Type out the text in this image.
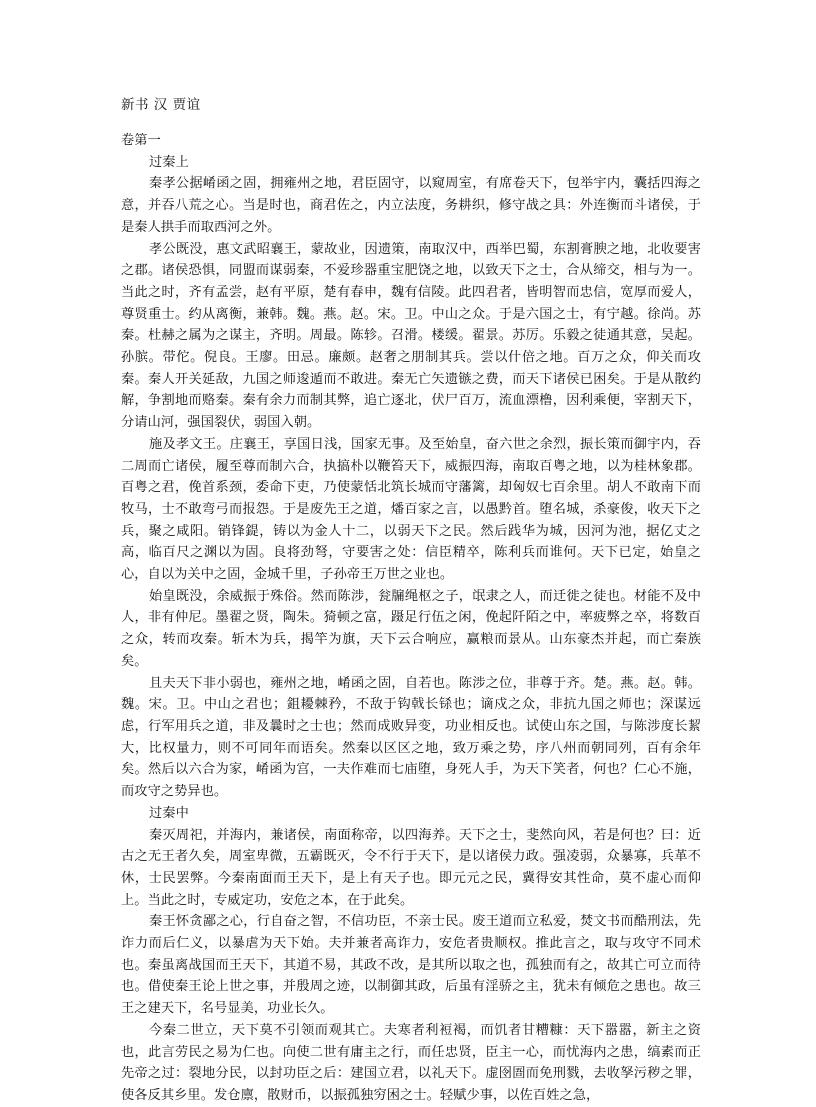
新书 汉 贾谊

卷第一

过秦上

秦孝公据崤函之固，拥雍州之地，君臣固守，以窥周室，有席卷天下，包举宇内，囊括四海之意，并吞八荒之心。当是时也，商君佐之，内立法度，务耕织，修守战之具：外连衡而斗诸侯，于是秦人拱手而取西河之外。

孝公既没，惠文武昭襄王，蒙故业，因遗策，南取汉中，西举巴蜀，东割膏腴之地，北收要害之郡。诸侯恐惧，同盟而谋弱秦，不爱珍器重宝肥饶之地，以致天下之士，合从缔交，相与为一。当此之时，齐有孟尝，赵有平原，楚有春申，魏有信陵。此四君者，皆明智而忠信，宽厚而爱人，尊贤重士。约从离衡，兼韩。魏。燕。赵。宋。卫。中山之众。于是六国之士，有宁越。徐尚。苏秦。杜赫之属为之谋主，齐明。周最。陈轸。召滑。楼缓。翟景。苏厉。乐毅之徒通其意，吴起。孙膑。带佗。倪良。王廖。田忌。廉颇。赵奢之朋制其兵。尝以什倍之地。百万之众，仰关而攻秦。秦人开关延敌，九国之师逡遁而不敢进。秦无亡矢遗镞之费，而天下诸侯已困矣。于是从散约解，争割地而赂秦。秦有余力而制其弊，追亡逐北，伏尸百万，流血漂橹，因利乘便，宰割天下，分请山河，强国裂伏，弱国入朝。

施及孝文王。庄襄王，享国日浅，国家无事。及至始皇，奋六世之余烈，振长策而御宇内，吞二周而亡诸侯，履至尊而制六合，执搞朴以鞭笞天下，威振四海，南取百粤之地，以为桂林象郡。百粤之君，俛首系颈，委命下吏，乃使蒙恬北筑长城而守藩篱，却匈奴七百余里。胡人不敢南下而牧马，士不敢弯弓而报怨。于是废先王之道，燔百家之言，以愚黔首。堕名城，杀豪俊，收天下之兵，聚之咸阳。销锋鍉，铸以为金人十二，以弱天下之民。然后践华为城，因河为池，据亿丈之高，临百尺之渊以为固。良将劲弩，守要害之处：信臣精卒，陈利兵而谁何。天下已定，始皇之心，自以为关中之固，金城千里，子孙帝王万世之业也。

始皇既没，余威振于殊俗。然而陈涉，瓮牖绳枢之子，氓隶之人，而迁徙之徒也。材能不及中人，非有仲尼。墨翟之贤，陶朱。猗顿之富，蹑足行伍之闲，俛起阡陌之中，率疲弊之卒，将数百之众，转而攻秦。斩木为兵，揭竿为旗，天下云合响应，赢粮而景从。山东豪杰并起，而亡秦族矣。

且夫天下非小弱也，雍州之地，崤函之固，自若也。陈涉之位，非尊于齐。楚。燕。赵。韩。魏。宋。卫。中山之君也；鉏耰棘矜，不敌于钩戟长铩也；谪戍之众，非抗九国之师也；深谋远虑，行军用兵之道，非及曩时之士也；然而成败异变，功业相反也。试使山东之国，与陈涉度长絜大，比权量力，则不可同年而语矣。然秦以区区之地，致万乘之势，序八州而朝同列，百有余年矣。然后以六合为家，崤函为宫，一夫作难而七庙堕，身死人手，为天下笑者，何也？仁心不施，而攻守之势异也。

过秦中

秦灭周祀，并海内，兼诸侯，南面称帝，以四海养。天下之士，斐然向风，若是何也？曰：近古之无王者久矣，周室卑微，五霸既灭，令不行于天下，是以诸侯力政。强凌弱，众暴寡，兵革不休，士民罢弊。今秦南面而王天下，是上有天子也。即元元之民，冀得安其性命，莫不虚心而仰上。当此之时，专威定功，安危之本，在于此矣。

秦王怀贪鄙之心，行自奋之智，不信功臣，不亲士民。废王道而立私爱，焚文书而酷刑法，先诈力而后仁义，以暴虐为天下始。夫并兼者高诈力，安危者贵顺权。推此言之，取与攻守不同术也。秦虽离战国而王天下，其道不易，其政不改，是其所以取之也，孤独而有之，故其亡可立而待也。借使秦王论上世之事，并殷周之迹，以制御其政，后虽有淫骄之主，犹未有倾危之患也。故三王之建天下，名号显美，功业长久。

今秦二世立，天下莫不引领而观其亡。夫寒者利裋褐，而饥者甘糟糠：天下嚣嚣，新主之资也，此言劳民之易为仁也。向使二世有庸主之行，而任忠贤，臣主一心，而忧海内之患，缟素而正先帝之过：裂地分民，以封功臣之后：建国立君，以礼天下。虚囹圄而免刑戮，去收孥污秽之罪，使各反其乡里。发仓廪，散财币，以振孤独穷困之士。轻赋少事，以佐百姓之急，
